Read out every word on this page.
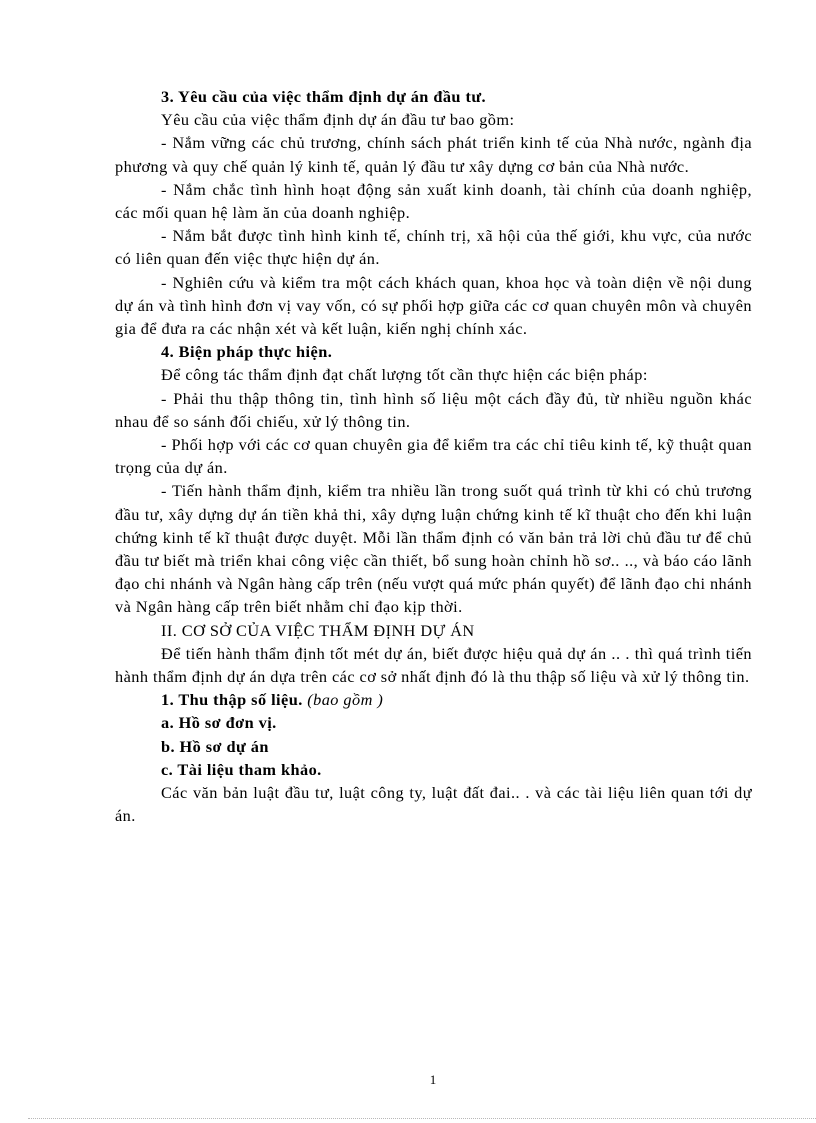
3. Yêu cầu của việc thẩm định dự án đầu tư.

Yêu cầu của việc thẩm định dự án đầu tư bao gồm:

- Nắm vững các chủ trương, chính sách phát triển kinh tế của Nhà nước, ngành địa phương và quy chế quản lý kinh tế, quản lý đầu tư xây dựng cơ bản của Nhà nước.

- Nắm chắc tình hình hoạt động sản xuất kinh doanh, tài chính của doanh nghiệp, các mối quan hệ làm ăn của doanh nghiệp.

- Nắm bắt được tình hình kinh tế, chính trị, xã hội của thế giới, khu vực, của nước có liên quan đến việc thực hiện dự án.

- Nghiên cứu và kiểm tra một cách khách quan, khoa học và toàn diện về nội dung dự án và tình hình đơn vị vay vốn, có sự phối hợp giữa các cơ quan chuyên môn và chuyên gia để đưa ra các nhận xét và kết luận, kiến nghị chính xác.

4. Biện pháp thực hiện.

Để công tác thẩm định đạt chất lượng tốt cần thực hiện các biện pháp:

- Phải thu thập thông tin, tình hình số liệu một cách đầy đủ, từ nhiều nguồn khác nhau để so sánh đối chiếu, xử lý thông tin.

- Phối hợp với các cơ quan chuyên gia để kiểm tra các chỉ tiêu kinh tế, kỹ thuật quan trọng của dự án.

- Tiến hành thẩm định, kiểm tra nhiều lần trong suốt quá trình từ khi có chủ trương đầu tư, xây dựng dự án tiền khả thi, xây dựng luận chứng kinh tế kĩ thuật cho đến khi luận chứng kinh tế kĩ thuật được duyệt. Mỗi lần thẩm định có văn bản trả lời chủ đầu tư để chủ đầu tư biết mà triển khai công việc cần thiết, bổ sung hoàn chỉnh hồ sơ.. .., và báo cáo lãnh đạo chi nhánh và Ngân hàng cấp trên (nếu vượt quá mức phán quyết) để lãnh đạo chi nhánh và Ngân hàng cấp trên biết nhằm chỉ đạo kịp thời.

II. CƠ SỞ CỦA VIỆC THẨM ĐỊNH DỰ ÁN

Để tiến hành thẩm định tốt mét dự án, biết được hiệu quả dự án .. . thì quá trình tiến hành thẩm định dự án dựa trên các cơ sở nhất định đó là thu thập số liệu và xử lý thông tin.

1. Thu thập số liệu. (bao gồm )

a. Hồ sơ đơn vị.

b. Hồ sơ dự án

c. Tài liệu tham khảo.

Các văn bản luật đầu tư, luật công ty, luật đất đai.. . và các tài liệu liên quan tới dự án.

1
